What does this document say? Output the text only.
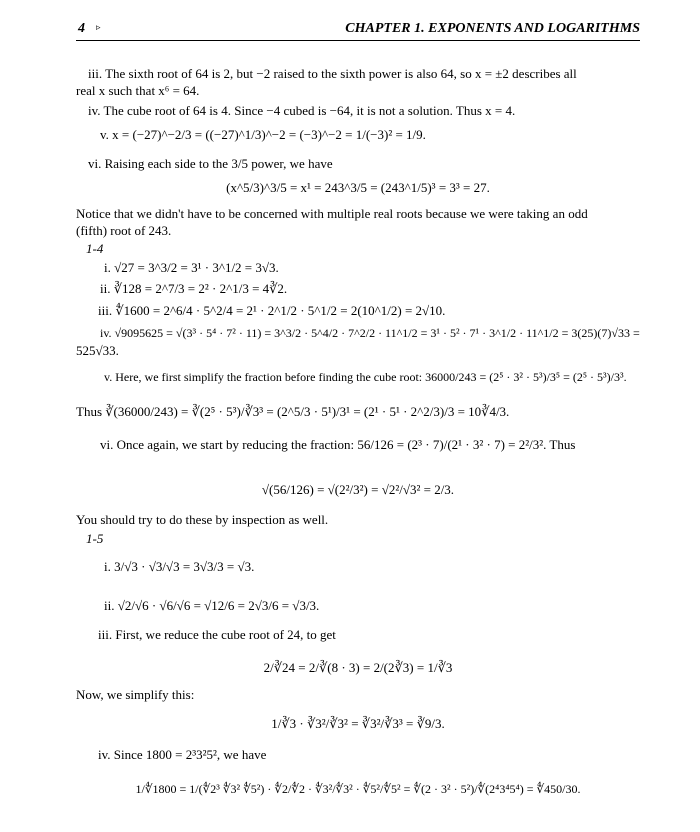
4 ▹	CHAPTER 1. EXPONENTS AND LOGARITHMS
iii. The sixth root of 64 is 2, but −2 raised to the sixth power is also 64, so x = ±2 describes all
real x such that x⁶ = 64.
iv. The cube root of 64 is 4. Since −4 cubed is −64, it is not a solution. Thus x = 4.
v. x = (−27)^−2/3 = ((−27)^1/3)^−2 = (−3)^−2 = 1/(−3)² = 1/9.
vi. Raising each side to the 3/5 power, we have
(x^5/3)^3/5 = x¹ = 243^3/5 = (243^1/5)³ = 3³ = 27.
Notice that we didn't have to be concerned with multiple real roots because we were taking an odd
(fifth) root of 243.
1-4
i. √27 = 3^3/2 = 3¹ · 3^1/2 = 3√3.
ii. ∛128 = 2^7/3 = 2² · 2^1/3 = 4∛2.
iii. ∜1600 = 2^6/4 · 5^2/4 = 2¹ · 2^1/2 · 5^1/2 = 2(10^1/2) = 2√10.
iv. √9095625 = √(3³ · 5⁴ · 7² · 11) = 3^3/2 · 5^4/2 · 7^2/2 · 11^1/2 = 3¹ · 5² · 7¹ · 3^1/2 · 11^1/2 = 3(25)(7)√33 =
525√33.
v. Here, we first simplify the fraction before finding the cube root: 36000/243 = (2⁵ · 3² · 5³)/3⁵ = (2⁵ · 5³)/3³.
Thus ∛(36000/243) = ∛(2⁵ · 5³)/∛3³ = (2^5/3 · 5¹)/3¹ = (2¹ · 5¹ · 2^2/3)/3 = 10∛4/3.
vi. Once again, we start by reducing the fraction: 56/126 = (2³ · 7)/(2¹ · 3² · 7) = 2²/3². Thus
√(56/126) = √(2²/3²) = √2²/√3² = 2/3.
You should try to do these by inspection as well.
1-5
i. 3/√3 · √3/√3 = 3√3/3 = √3.
ii. √2/√6 · √6/√6 = √12/6 = 2√3/6 = √3/3.
iii. First, we reduce the cube root of 24, to get
2/∛24 = 2/∛(8 · 3) = 2/(2∛3) = 1/∛3
Now, we simplify this:
1/∛3 · ∛3²/∛3² = ∛3²/∛3³ = ∛9/3.
iv. Since 1800 = 2³3²5², we have
1/∜1800 = 1/(∜2³ ∜3² ∜5²) · ∜2/∜2 · ∜3²/∜3² · ∜5²/∜5² = ∜(2 · 3² · 5²)/∜(2⁴3⁴5⁴) = ∜450/30.
